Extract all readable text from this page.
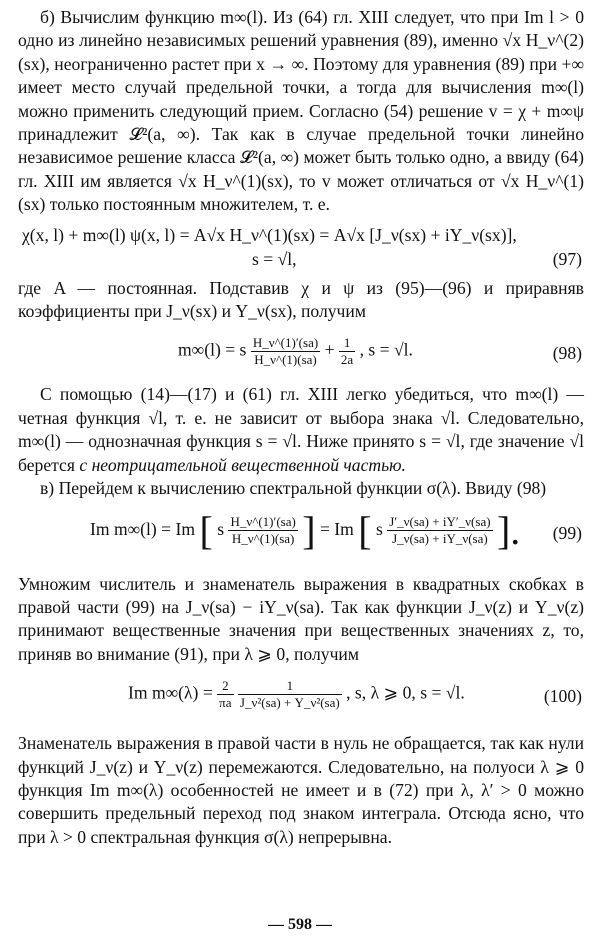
б) Вычислим функцию m∞(l). Из (64) гл. XIII следует, что при Im l > 0 одно из линейно независимых решений уравнения (89), именно √x H_ν^(2)(sx), неограниченно растет при x → ∞. Поэтому для уравнения (89) при +∞ имеет место случай предельной точки, а тогда для вычисления m∞(l) можно применить следующий прием. Согласно (54) решение v = χ + m∞ψ принадлежит 𝓛²(a, ∞). Так как в случае предельной точки линейно независимое решение класса 𝓛²(a, ∞) может быть только одно, а ввиду (64) гл. XIII им является √x H_ν^(1)(sx), то v может отличаться от √x H_ν^(1)(sx) только постоянным множителем, т. е.

χ(x, l) + m∞(l) ψ(x, l) = A√x H_ν^(1)(sx) = A√x [J_ν(sx) + iY_ν(sx)],
s = √l,	(97)

где A — постоянная. Подставив χ и ψ из (95)—(96) и приравняв коэффициенты при J_ν(sx) и Y_ν(sx), получим

m∞(l) = s $\frac{H\_\nu\^{}(1)'(sa)}{H\_\nu\^{}(1)(sa)} + \frac{1}{2a}$ , s = √l.	(98)

С помощью (14)—(17) и (61) гл. XIII легко убедиться, что m∞(l) — четная функция √l, т. е. не зависит от выбора знака √l. Следовательно, m∞(l) — однозначная функция s = √l. Ниже принято s = √l, где значение √l берется с неотрицательной вещественной частью.

в) Перейдем к вычислению спектральной функции σ(λ). Ввиду (98)

Im m∞(l) = Im [ s $\frac{H\_\nu\^{}(1)'(sa)}{H\_\nu\^{}(1)(sa)}$ ] = Im [ s $\frac{J'\_\nu(sa) + iY'\_\nu(sa)}{J\_\nu(sa) + iY\_\nu(sa)}$ ]. (99)

Умножим числитель и знаменатель выражения в квадратных скобках в правой части (99) на J_ν(sa) − iY_ν(sa). Так как функции J_ν(z) и Y_ν(z) принимают вещественные значения при вещественных значениях z, то, приняв во внимание (91), при λ ⩾ 0, получим

Im $m\infty(\lambda) = \frac{2}{\pi a}$
$\frac{1}{\text{J\_ν²(sa) + Y\_ν²(sa)}}$ , s, λ ⩾ 0, s = √l.	(100)

Знаменатель выражения в правой части в нуль не обращается, так как нули функций J_ν(z) и Y_ν(z) перемежаются. Следовательно, на полуоси λ ⩾ 0 функция Im m∞(λ) особенностей не имеет и в (72) при λ, λ′ > 0 можно совершить предельный переход под знаком интеграла. Отсюда ясно, что при λ > 0 спектральная функция σ(λ) непрерывна.

— 598 —
